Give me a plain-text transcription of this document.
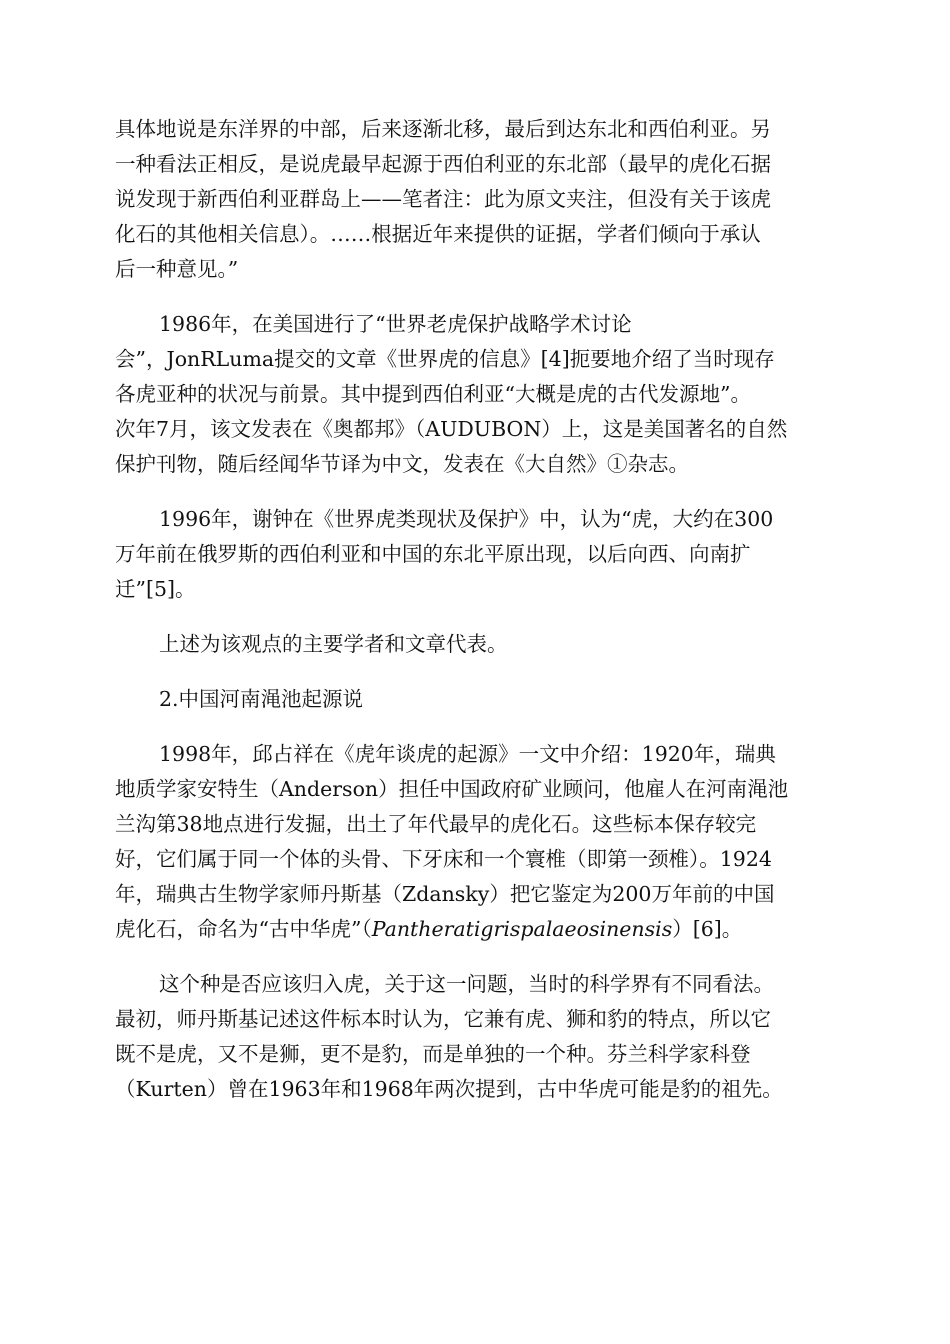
具体地说是东洋界的中部，后来逐渐北移，最后到达东北和西伯利亚。另
一种看法正相反，是说虎最早起源于西伯利亚的东北部（最早的虎化石据
说发现于新西伯利亚群岛上——笔者注：此为原文夹注，但没有关于该虎
化石的其他相关信息）。……根据近年来提供的证据，学者们倾向于承认
后一种意见。”

1986年，在美国进行了“世界老虎保护战略学术讨论
会”，JonRLuma提交的文章《世界虎的信息》[4]扼要地介绍了当时现存
各虎亚种的状况与前景。其中提到西伯利亚“大概是虎的古代发源地”。
次年7月，该文发表在《奥都邦》（AUDUBON）上，这是美国著名的自然
保护刊物，随后经闻华节译为中文，发表在《大自然》①杂志。

1996年，谢钟在《世界虎类现状及保护》中，认为“虎，大约在300
万年前在俄罗斯的西伯利亚和中国的东北平原出现，以后向西、向南扩
迁”[5]。

上述为该观点的主要学者和文章代表。

2.中国河南渑池起源说

1998年，邱占祥在《虎年谈虎的起源》一文中介绍：1920年，瑞典
地质学家安特生（Anderson）担任中国政府矿业顾问，他雇人在河南渑池
兰沟第38地点进行发掘，出土了年代最早的虎化石。这些标本保存较完
好，它们属于同一个体的头骨、下牙床和一个寰椎（即第一颈椎）。1924
年，瑞典古生物学家师丹斯基（Zdansky）把它鉴定为200万年前的中国
虎化石，命名为“古中华虎”（Pantheratigrispalaeosinensis）[6]。

这个种是否应该归入虎，关于这一问题，当时的科学界有不同看法。
最初，师丹斯基记述这件标本时认为，它兼有虎、狮和豹的特点，所以它
既不是虎，又不是狮，更不是豹，而是单独的一个种。芬兰科学家科登
（Kurten）曾在1963年和1968年两次提到，古中华虎可能是豹的祖先。
